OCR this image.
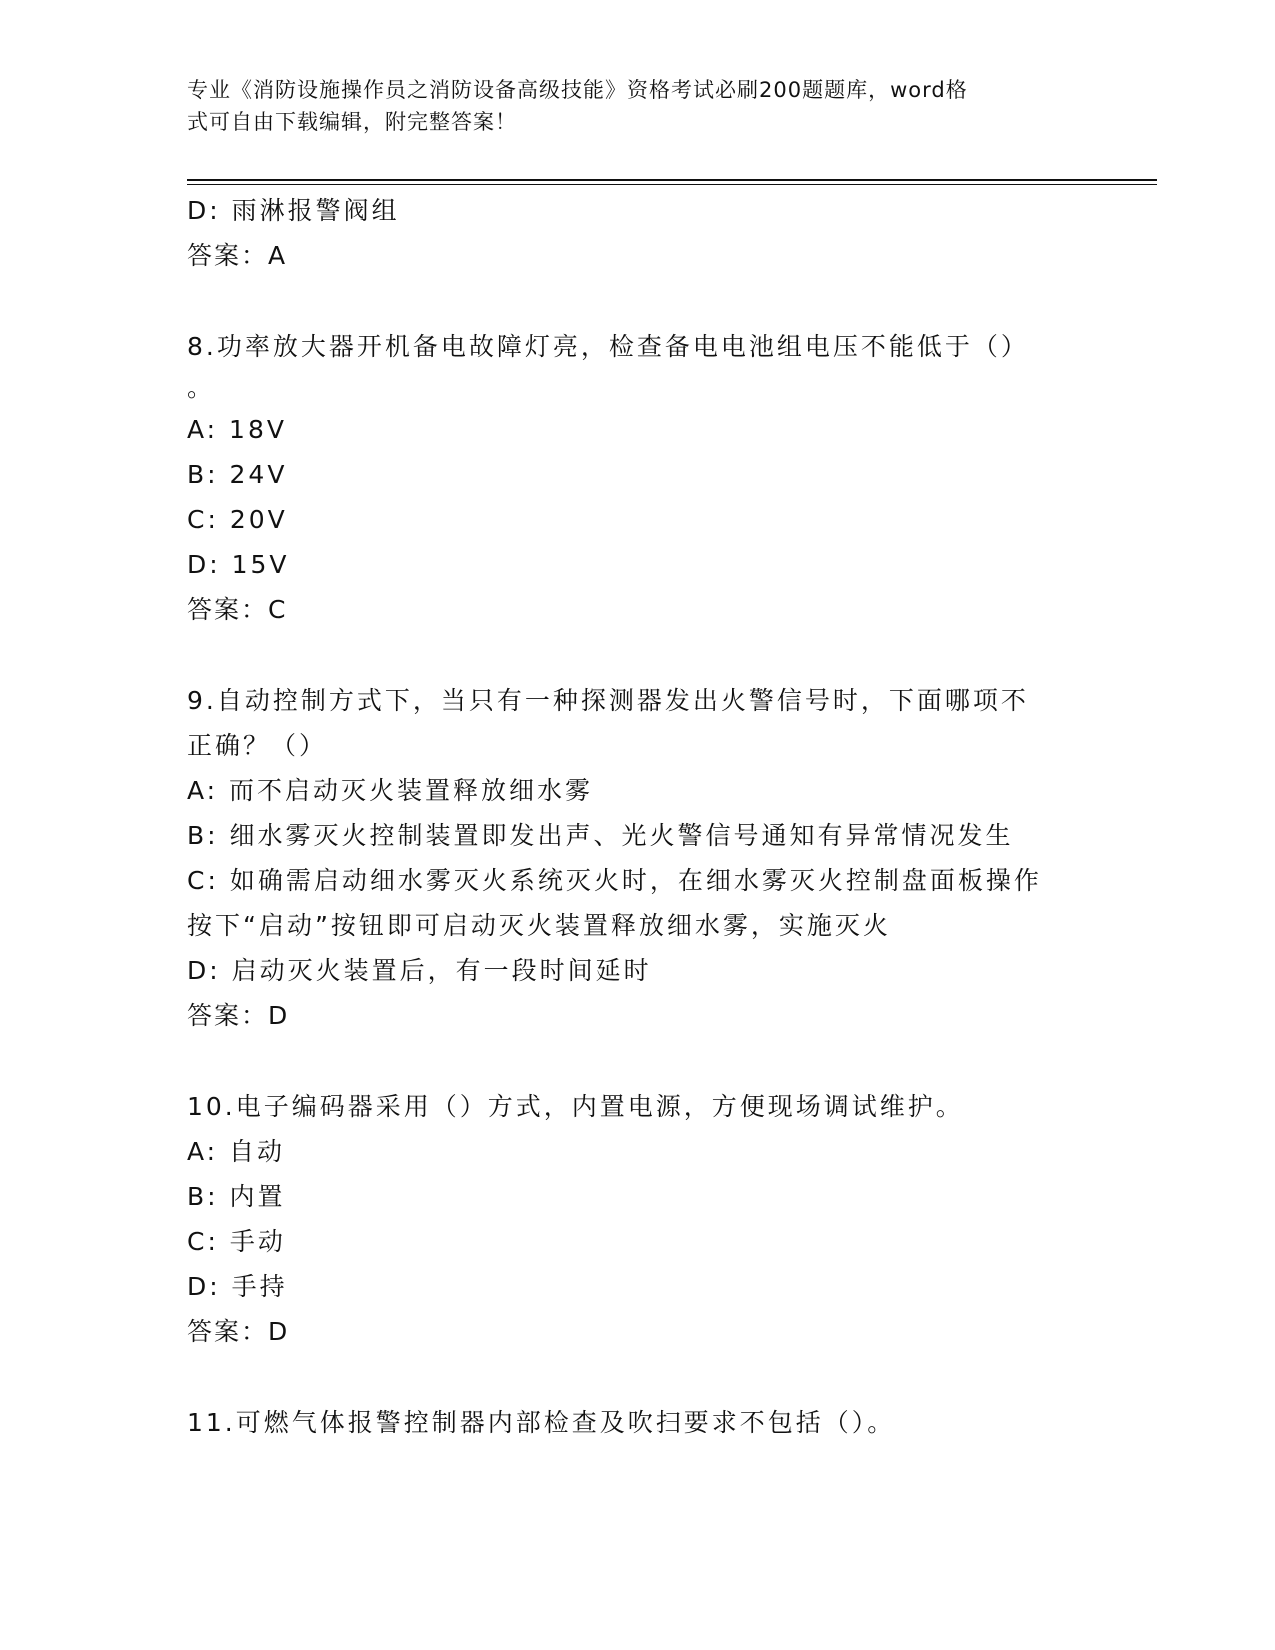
专业《消防设施操作员之消防设备高级技能》资格考试必刷200题题库，word格
式可自由下载编辑，附完整答案！
D: 雨淋报警阀组
答案：A
8.功率放大器开机备电故障灯亮，检查备电电池组电压不能低于（）
。
A: 18V
B: 24V
C: 20V
D: 15V
答案：C
9.自动控制方式下，当只有一种探测器发出火警信号时，下面哪项不
正确？（）
A: 而不启动灭火装置释放细水雾
B: 细水雾灭火控制装置即发出声、光火警信号通知有异常情况发生
C: 如确需启动细水雾灭火系统灭火时，在细水雾灭火控制盘面板操作
按下“启动”按钮即可启动灭火装置释放细水雾，实施灭火
D: 启动灭火装置后，有一段时间延时
答案：D
10.电子编码器采用（）方式，内置电源，方便现场调试维护。
A: 自动
B: 内置
C: 手动
D: 手持
答案：D
11.可燃气体报警控制器内部检查及吹扫要求不包括（）。
